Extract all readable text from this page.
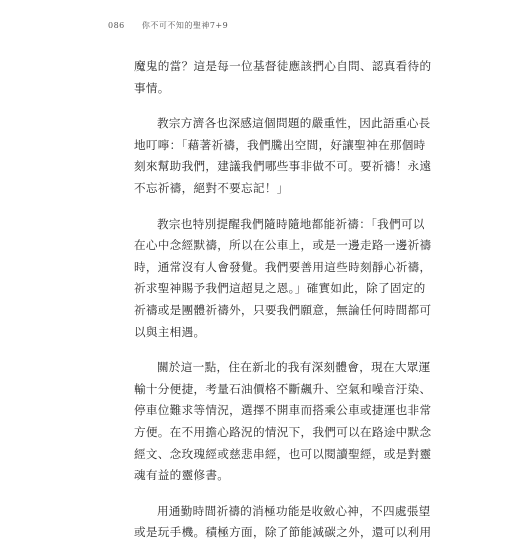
086 你不可不知的聖神7+9

魔鬼的當？這是每一位基督徒應該捫心自問、認真看待的
事情。

教宗方濟各也深感這個問題的嚴重性，因此語重心長
地叮嚀：「藉著祈禱，我們騰出空間，好讓聖神在那個時
刻來幫助我們，建議我們哪些事非做不可。要祈禱！永遠
不忘祈禱，絕對不要忘記！」

教宗也特別提醒我們隨時隨地都能祈禱：「我們可以
在心中念經默禱，所以在公車上，或是一邊走路一邊祈禱
時，通常沒有人會發覺。我們要善用這些時刻靜心祈禱，
祈求聖神賜予我們這超見之恩。」確實如此，除了固定的
祈禱或是團體祈禱外，只要我們願意，無論任何時間都可
以與主相遇。

關於這一點，住在新北的我有深刻體會，現在大眾運
輸十分便捷，考量石油價格不斷飆升、空氣和噪音汙染、
停車位難求等情況，選擇不開車而搭乘公車或捷運也非常
方便。在不用擔心路況的情況下，我們可以在路途中默念
經文、念玫瑰經或慈悲串經，也可以閱讀聖經，或是對靈
魂有益的靈修書。

用通勤時間祈禱的消極功能是收斂心神，不四處張望
或是玩手機。積極方面，除了節能減碳之外，還可以利用
